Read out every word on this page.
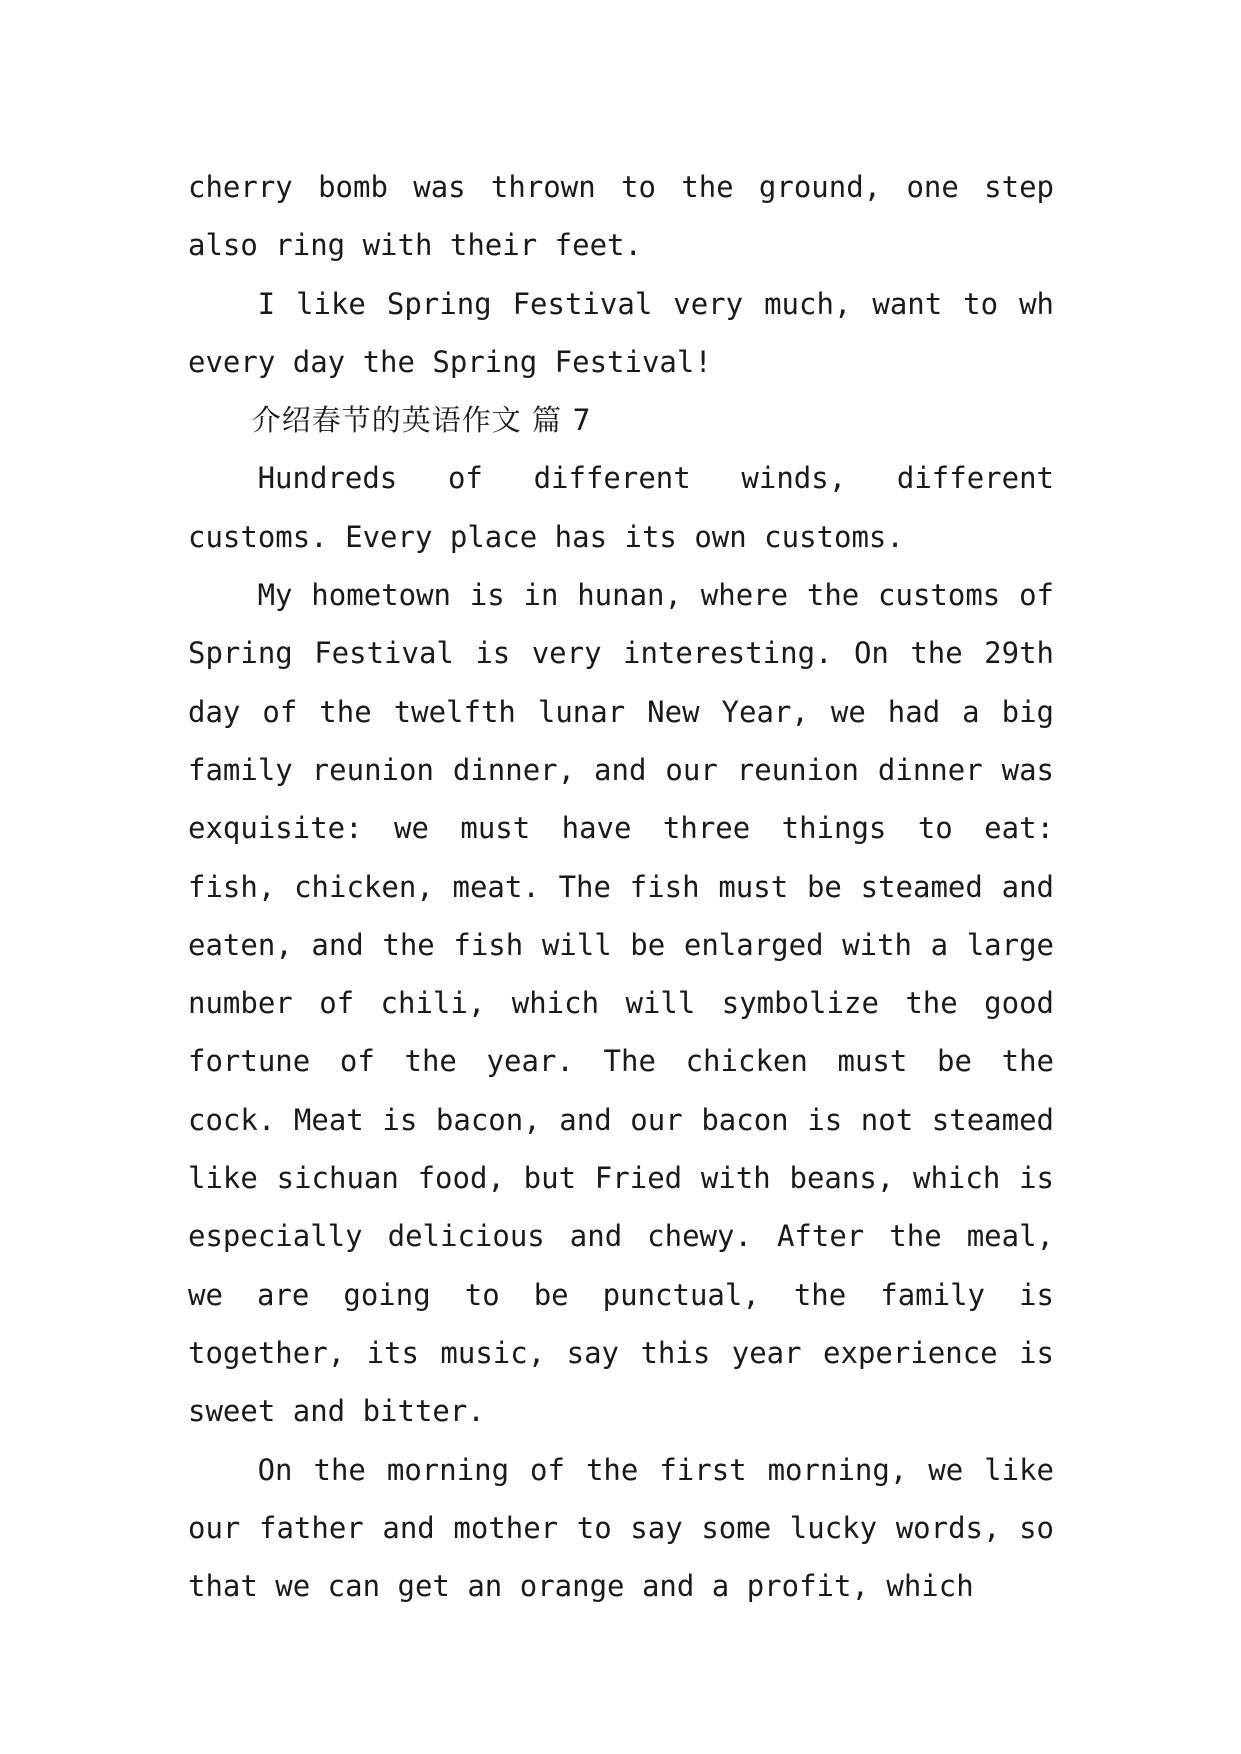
cherry bomb was thrown to the ground, one step also ring with their feet.

I like Spring Festival very much, want to wh every day the Spring Festival!

介绍春节的英语作文 篇 7

Hundreds of different winds, different customs. Every place has its own customs.

My hometown is in hunan, where the customs of Spring Festival is very interesting. On the 29th day of the twelfth lunar New Year, we had a big family reunion dinner, and our reunion dinner was exquisite: we must have three things to eat: fish, chicken, meat. The fish must be steamed and eaten, and the fish will be enlarged with a large number of chili, which will symbolize the good fortune of the year. The chicken must be the cock. Meat is bacon, and our bacon is not steamed like sichuan food, but Fried with beans, which is especially delicious and chewy. After the meal, we are going to be punctual, the family is together, its music, say this year experience is sweet and bitter.

On the morning of the first morning, we like our father and mother to say some lucky words, so that we can get an orange and a profit, which
